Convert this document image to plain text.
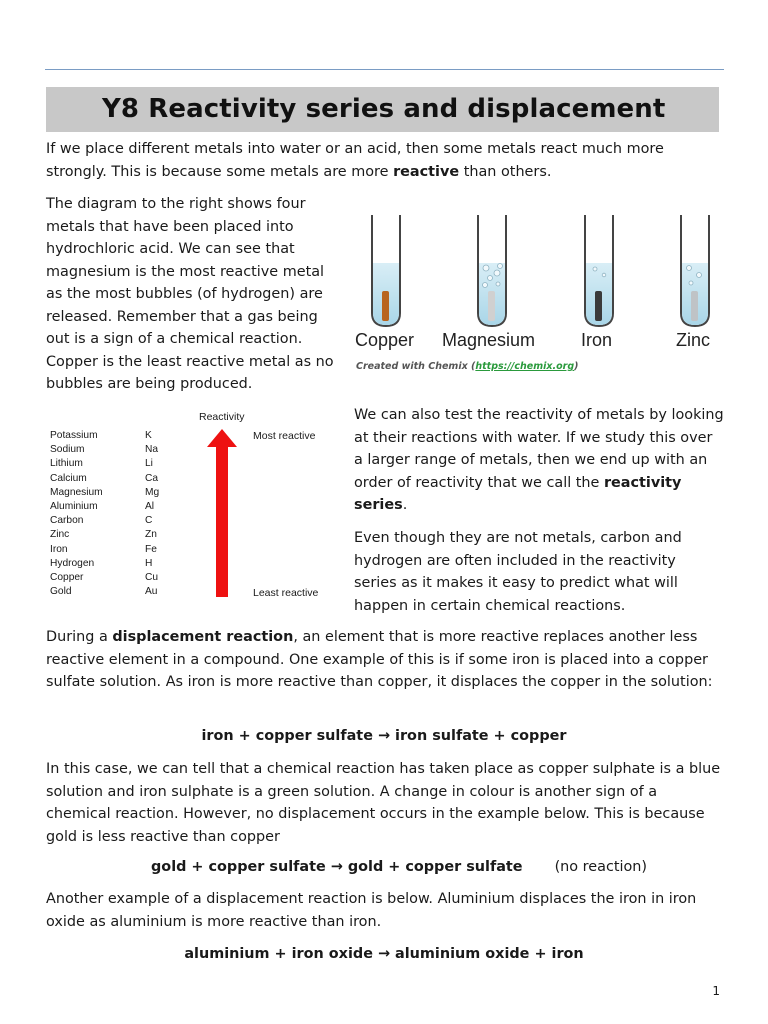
Y8 Reactivity series and displacement

If we place different metals into water or an acid, then some metals react much more strongly. This is because some metals are more reactive than others.

The diagram to the right shows four metals that have been placed into hydrochloric acid. We can see that magnesium is the most reactive metal as the most bubbles (of hydrogen) are released. Remember that a gas being out is a sign of a chemical reaction. Copper is the least reactive metal as no bubbles are being produced.

Copper Magnesium	Iron	Zinc
Created with Chemix (https://chemix.org)
Reactivity
Potassium	K
Sodium	Na
Lithium	Li
Calcium	Ca
Magnesium	Mg
Aluminium	Al
Carbon	C
Zinc	Zn
Iron	Fe
Hydrogen	H
Copper	Cu
Gold	Au
Most reactive
Least reactive

We can also test the reactivity of metals by looking at their reactions with water. If we study this over a larger range of metals, then we end up with an order of reactivity that we call the reactivity series.

Even though they are not metals, carbon and hydrogen are often included in the reactivity series as it makes it easy to predict what will happen in certain chemical reactions.

During a displacement reaction, an element that is more reactive replaces another less reactive element in a compound. One example of this is if some iron is placed into a copper sulfate solution. As iron is more reactive than copper, it displaces the copper in the solution:

iron + copper sulfate → iron sulfate + copper

In this case, we can tell that a chemical reaction has taken place as copper sulphate is a blue solution and iron sulphate is a green solution. A change in colour is another sign of a chemical reaction. However, no displacement occurs in the example below. This is because gold is less reactive than copper

gold + copper sulfate → gold + copper sulfate (no reaction)

Another example of a displacement reaction is below. Aluminium displaces the iron in iron oxide as aluminium is more reactive than iron.

aluminium + iron oxide → aluminium oxide + iron

1
